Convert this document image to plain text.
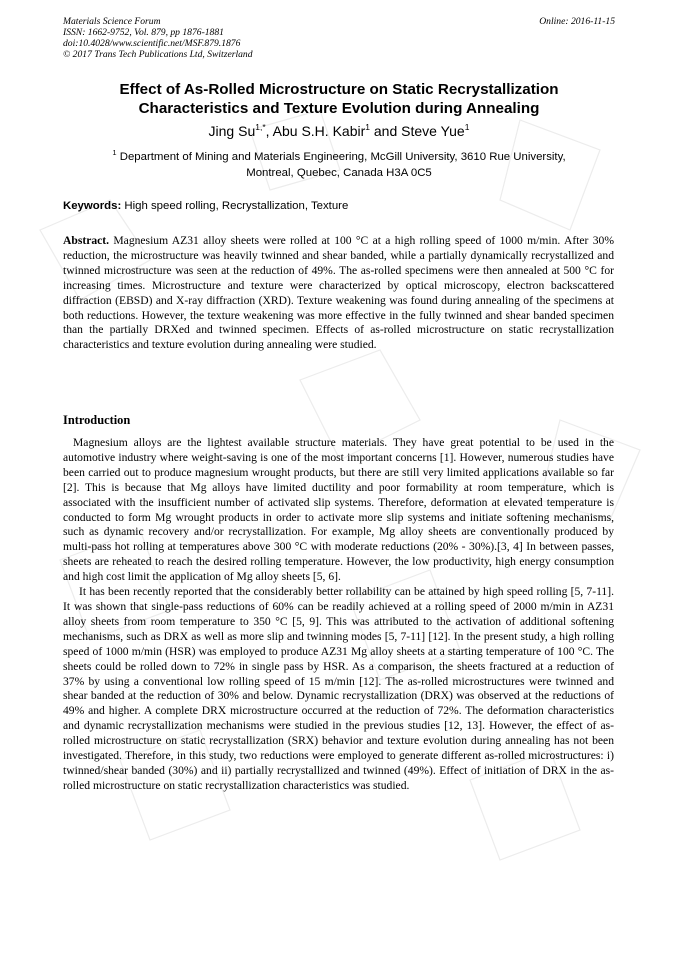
Materials Science Forum
ISSN: 1662-9752, Vol. 879, pp 1876-1881
doi:10.4028/www.scientific.net/MSF.879.1876
© 2017 Trans Tech Publications Ltd, Switzerland
Online: 2016-11-15
Effect of As-Rolled Microstructure on Static Recrystallization
Characteristics and Texture Evolution during Annealing
Jing $Su^{1,*}$, Abu S.H. Kabir$^1$ and Steve Yue$^1$
$^1$ Department of Mining and Materials Engineering, McGill University, 3610 Rue University,
Montreal, Quebec, Canada H3A 0C5
Keywords: High speed rolling, Recrystallization, Texture

Abstract. Magnesium AZ31 alloy sheets were rolled at 100 °C at a high rolling speed of 1000 m/min. After 30% reduction, the microstructure was heavily twinned and shear banded, while a partially dynamically recrystallized and twinned microstructure was seen at the reduction of 49%. The as-rolled specimens were then annealed at 500 °C for increasing times. Microstructure and texture were characterized by optical microscopy, electron backscattered diffraction (EBSD) and X-ray diffraction (XRD). Texture weakening was found during annealing of the specimens at both reductions. However, the texture weakening was more effective in the fully twinned and shear banded specimen than the partially DRXed and twinned specimen. Effects of as-rolled microstructure on static recrystallization characteristics and texture evolution during annealing were studied.

Introduction

Magnesium alloys are the lightest available structure materials. They have great potential to be used in the automotive industry where weight-saving is one of the most important concerns [1]. However, numerous studies have been carried out to produce magnesium wrought products, but there are still very limited applications available so far [2]. This is because that Mg alloys have limited ductility and poor formability at room temperature, which is associated with the insufficient number of activated slip systems. Therefore, deformation at elevated temperature is conducted to form Mg wrought products in order to activate more slip systems and initiate softening mechanisms, such as dynamic recovery and/or recrystallization. For example, Mg alloy sheets are conventionally produced by multi-pass hot rolling at temperatures above 300 °C with moderate reductions (20% - 30%).[3, 4] In between passes, sheets are reheated to reach the desired rolling temperature. However, the low productivity, high energy consumption and high cost limit the application of Mg alloy sheets [5, 6].

It has been recently reported that the considerably better rollability can be attained by high speed rolling [5, 7-11]. It was shown that single-pass reductions of 60% can be readily achieved at a rolling speed of 2000 m/min in AZ31 alloy sheets from room temperature to 350 °C [5, 9]. This was attributed to the activation of additional softening mechanisms, such as DRX as well as more slip and twinning modes [5, 7-11] [12]. In the present study, a high rolling speed of 1000 m/min (HSR) was employed to produce AZ31 Mg alloy sheets at a starting temperature of 100 °C. The sheets could be rolled down to 72% in single pass by HSR. As a comparison, the sheets fractured at a reduction of 37% by using a conventional low rolling speed of 15 m/min [12]. The as-rolled microstructures were twinned and shear banded at the reduction of 30% and below. Dynamic recrystallization (DRX) was observed at the reductions of 49% and higher. A complete DRX microstructure occurred at the reduction of 72%. The deformation characteristics and dynamic recrystallization mechanisms were studied in the previous studies [12, 13]. However, the effect of as-rolled microstructure on static recrystallization (SRX) behavior and texture evolution during annealing has not been investigated. Therefore, in this study, two reductions were employed to generate different as-rolled microstructures: i) twinned/shear banded (30%) and ii) partially recrystallized and twinned (49%). Effect of initiation of DRX in the as-rolled microstructure on static recrystallization characteristics was studied.
